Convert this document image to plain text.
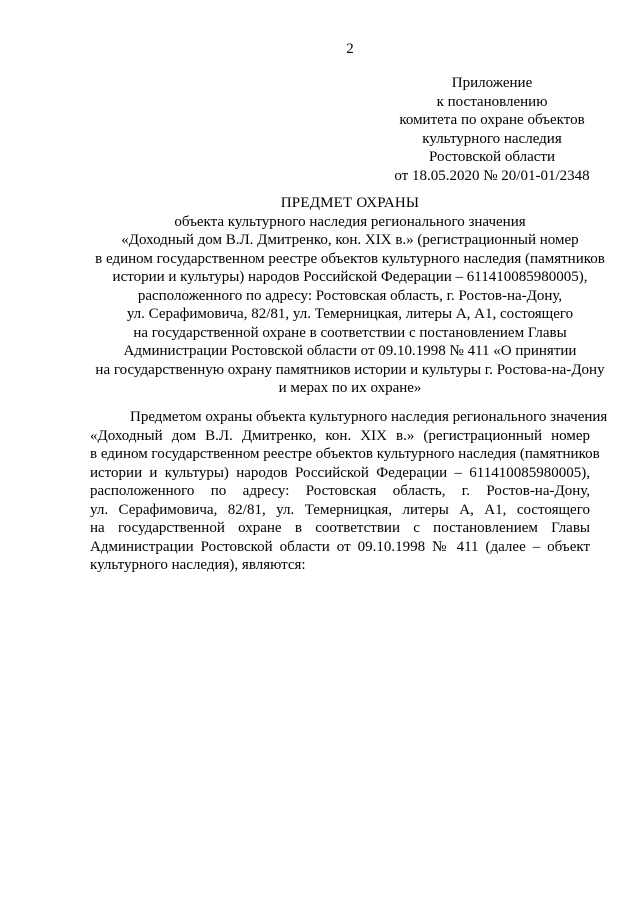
2
Приложение
к постановлению
комитета по охране объектов
культурного наследия
Ростовской области
от 18.05.2020 № 20/01-01/2348
ПРЕДМЕТ ОХРАНЫ
объекта культурного наследия регионального значения
«Доходный дом В.Л. Дмитренко, кон. XIX в.» (регистрационный номер
в едином государственном реестре объектов культурного наследия (памятников
истории и культуры) народов Российской Федерации – 611410085980005),
расположенного по адресу: Ростовская область, г. Ростов-на-Дону,
ул. Серафимовича, 82/81, ул. Темерницкая, литеры А, А1, состоящего
на государственной охране в соответствии с постановлением Главы
Администрации Ростовской области от 09.10.1998 № 411 «О принятии
на государственную охрану памятников истории и культуры г. Ростова-на-Дону
и мерах по их охране»
Предметом охраны объекта культурного наследия регионального значения
«Доходный дом В.Л. Дмитренко, кон. XIX в.» (регистрационный номер
в едином государственном реестре объектов культурного наследия (памятников
истории и культуры) народов Российской Федерации – 611410085980005),
расположенного по адресу: Ростовская область, г. Ростов-на-Дону,
ул. Серафимовича, 82/81, ул. Темерницкая, литеры А, А1, состоящего
на государственной охране в соответствии с постановлением Главы
Администрации Ростовской области от 09.10.1998 № 411 (далее – объект
культурного наследия), являются:
